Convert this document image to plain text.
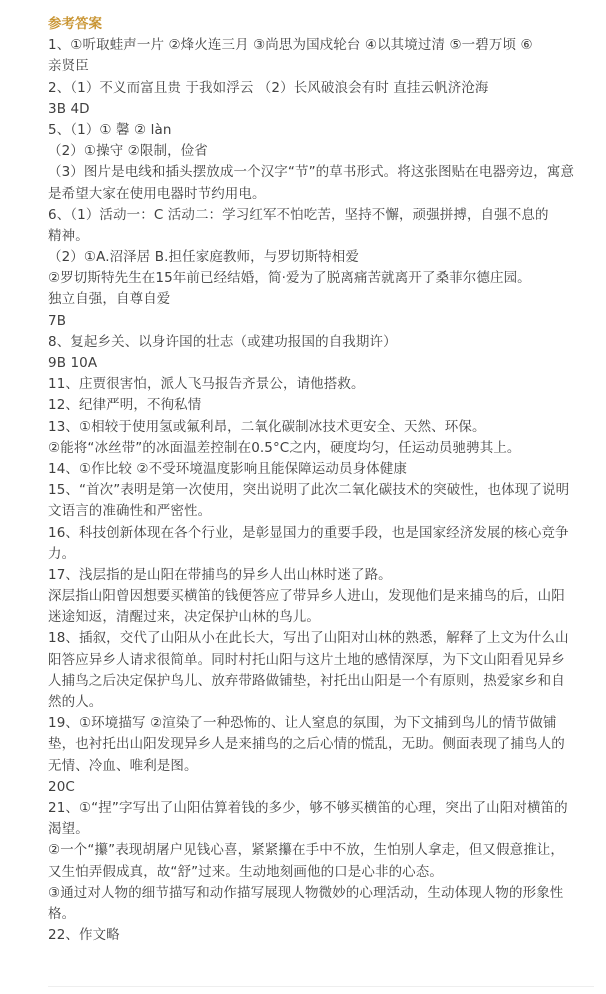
参考答案
1、①听取蛙声一片 ②烽火连三月 ③尚思为国戍轮台 ④以其境过清 ⑤一碧万顷 ⑥
亲贤臣
2、（1）不义而富且贵 于我如浮云 （2）长风破浪会有时 直挂云帆济沧海
3B 4D
5、（1）① 馨 ② làn
（2）①操守 ②限制，俭省
（3）图片是电线和插头摆放成一个汉字“节”的草书形式。将这张图贴在电器旁边，寓意
是希望大家在使用电器时节约用电。
6、（1）活动一：C 活动二：学习红军不怕吃苦，坚持不懈，顽强拼搏，自强不息的
精神。
（2）①A.沼泽居 B.担任家庭教师，与罗切斯特相爱
②罗切斯特先生在15年前已经结婚，简·爱为了脱离痛苦就离开了桑菲尔德庄园。
独立自强，自尊自爱
7B
8、复起乡关、以身许国的壮志（或建功报国的自我期许）
9B 10A
11、庄贾很害怕，派人飞马报告齐景公，请他搭救。
12、纪律严明，不徇私情
13、①相较于使用氢或氟利昂，二氧化碳制冰技术更安全、天然、环保。
②能将“冰丝带”的冰面温差控制在0.5°C之内，硬度均匀，任运动员驰骋其上。
14、①作比较 ②不受环境温度影响且能保障运动员身体健康
15、“首次”表明是第一次使用，突出说明了此次二氧化碳技术的突破性，也体现了说明
文语言的准确性和严密性。
16、科技创新体现在各个行业，是彰显国力的重要手段，也是国家经济发展的核心竞争
力。
17、浅层指的是山阳在带捕鸟的异乡人出山林时迷了路。
深层指山阳曾因想要买横笛的钱便答应了带异乡人进山，发现他们是来捕鸟的后，山阳
迷途知返，清醒过来，决定保护山林的鸟儿。
18、插叙，交代了山阳从小在此长大，写出了山阳对山林的熟悉，解释了上文为什么山
阳答应异乡人请求很简单。同时村托山阳与这片土地的感情深厚，为下文山阳看见异乡
人捕鸟之后决定保护鸟儿、放弃带路做铺垫，衬托出山阳是一个有原则，热爱家乡和自
然的人。
19、①环境描写 ②渲染了一种恐怖的、让人窒息的氛围，为下文捕到鸟儿的情节做铺
垫，也衬托出山阳发现异乡人是来捕鸟的之后心情的慌乱，无助。侧面表现了捕鸟人的
无情、冷血、唯利是图。
20C
21、①“捏”字写出了山阳估算着钱的多少，够不够买横笛的心理，突出了山阳对横笛的
渴望。
②一个“攥”表现胡屠户见钱心喜，紧紧攥在手中不放，生怕别人拿走，但又假意推让，
又生怕弄假成真，故“舒”过来。生动地刻画他的口是心非的心态。
③通过对人物的细节描写和动作描写展现人物微妙的心理活动，生动体现人物的形象性
格。
22、作文略
